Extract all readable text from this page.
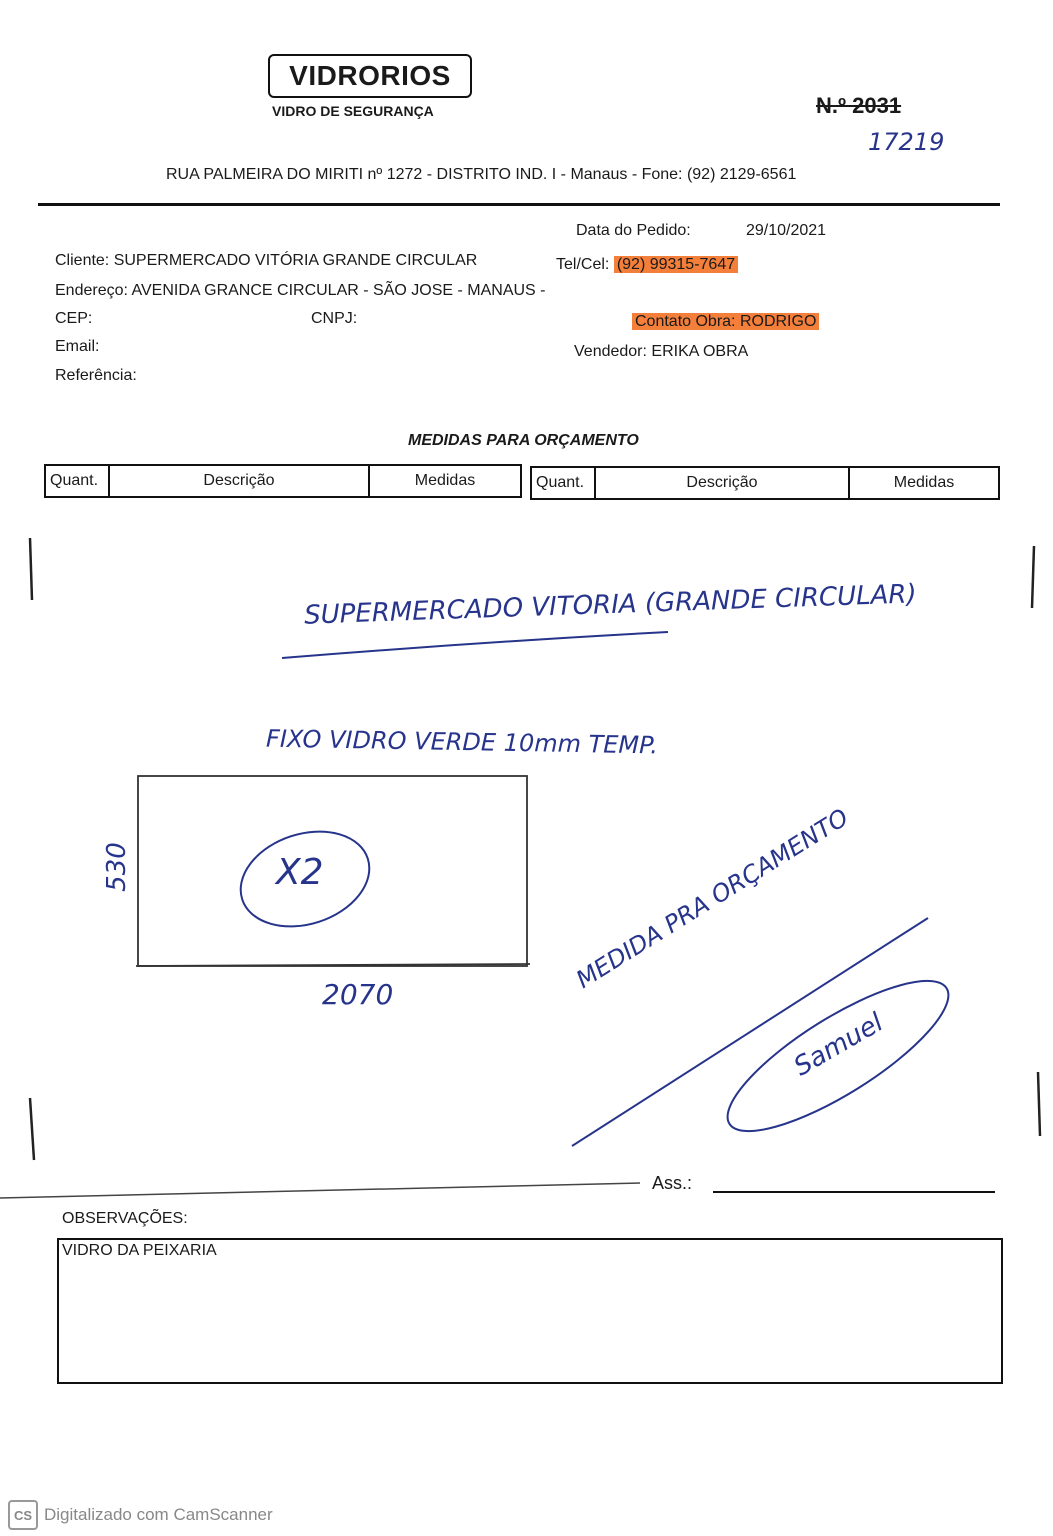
VIDRORIOS
VIDRO DE SEGURANÇA	N.º 2031
17219
RUA PALMEIRA DO MIRITI nº 1272 - DISTRITO IND. I - Manaus - Fone: (92) 2129-6561
Data do Pedido:	29/10/2021
Cliente: SUPERMERCADO VITÓRIA GRANDE CIRCULAR	Tel/Cel: (92) 99315-7647
Endereço: AVENIDA GRANCE CIRCULAR - SÃO JOSE - MANAUS -
CEP:	CNPJ:	Contato Obra: RODRIGO
Email:	Vendedor: ERIKA OBRA
Referência:
MEDIDAS PARA ORÇAMENTO
Quant.	Descrição	Medidas	Quant.	Descrição	Medidas
SUPERMERCADO VITORIA (GRANDE CIRCULAR)
FIXO VIDRO VERDE 10mm TEMP.
X2
530
2070
MEDIDA PRA ORÇAMENTO
Samuel
Ass.:
OBSERVAÇÕES:
VIDRO DA PEIXARIA
CS Digitalizado com CamScanner
